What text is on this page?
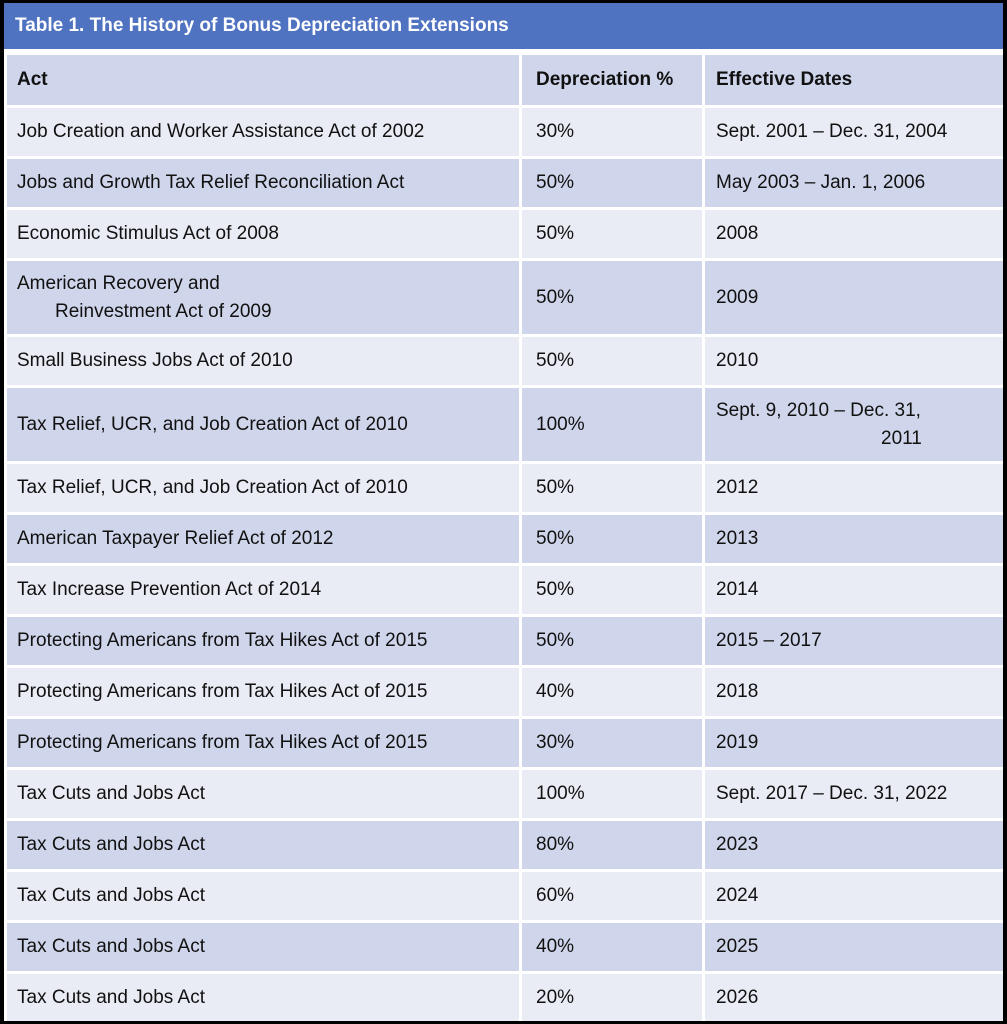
Table 1. The History of Bonus Depreciation Extensions
Act	Depreciation %	Effective Dates
Job Creation and Worker Assistance Act of 2002	30%	Sept. 2001 – Dec. 31, 2004
Jobs and Growth Tax Relief Reconciliation Act	50%	May 2003 – Jan. 1, 2006
Economic Stimulus Act of 2008	50%	2008

American Recovery and
Reinvestment Act of 2009	50%	2009
Small Business Jobs Act of 2010	50%	2010
Tax Relief, UCR, and Job Creation Act of 2010	100%	Sept. 9, 2010 – Dec. 31,
2011

Tax Relief, UCR, and Job Creation Act of 2010	50%	2012
American Taxpayer Relief Act of 2012	50%	2013
Tax Increase Prevention Act of 2014	50%	2014
Protecting Americans from Tax Hikes Act of 2015	50%	2015 – 2017
Protecting Americans from Tax Hikes Act of 2015	40%	2018
Protecting Americans from Tax Hikes Act of 2015	30%	2019
Tax Cuts and Jobs Act	100%	Sept. 2017 – Dec. 31, 2022
Tax Cuts and Jobs Act	80%	2023
Tax Cuts and Jobs Act	60%	2024
Tax Cuts and Jobs Act	40%	2025
Tax Cuts and Jobs Act	20%	2026
